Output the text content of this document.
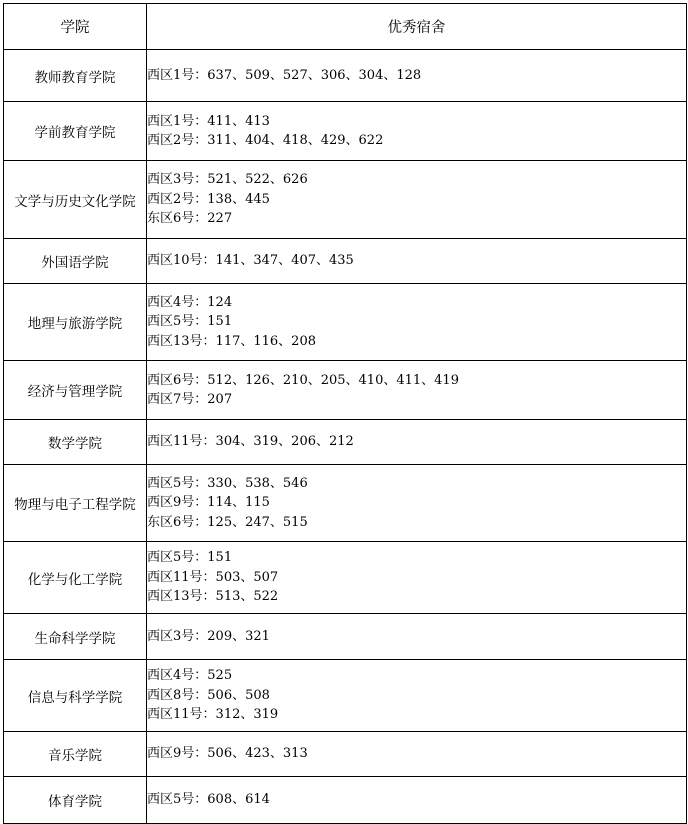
学院	优秀宿舍
教师教育学院	西区1号：637、509、527、306、304、128

学前教育学院	西区1号：411、413
西区2号：311、404、418、429、622

文学与历史文化学院	西区3号：521、522、626
西区2号：138、445
东区6号：227

外国语学院	西区10号：141、347、407、435

地理与旅游学院	西区4号：124
西区5号：151
西区13号：117、116、208

经济与管理学院	西区6号：512、126、210、205、410、411、419
西区7号：207

数学学院	西区11号：304、319、206、212

物理与电子工程学院	西区5号：330、538、546
西区9号：114、115
东区6号：125、247、515

化学与化工学院	西区5号：151
西区11号：503、507
西区13号：513、522

生命科学学院	西区3号：209、321

信息与科学学院	西区4号：525
西区8号：506、508
西区11号：312、319

音乐学院	西区9号：506、423、313

体育学院	西区5号：608、614
